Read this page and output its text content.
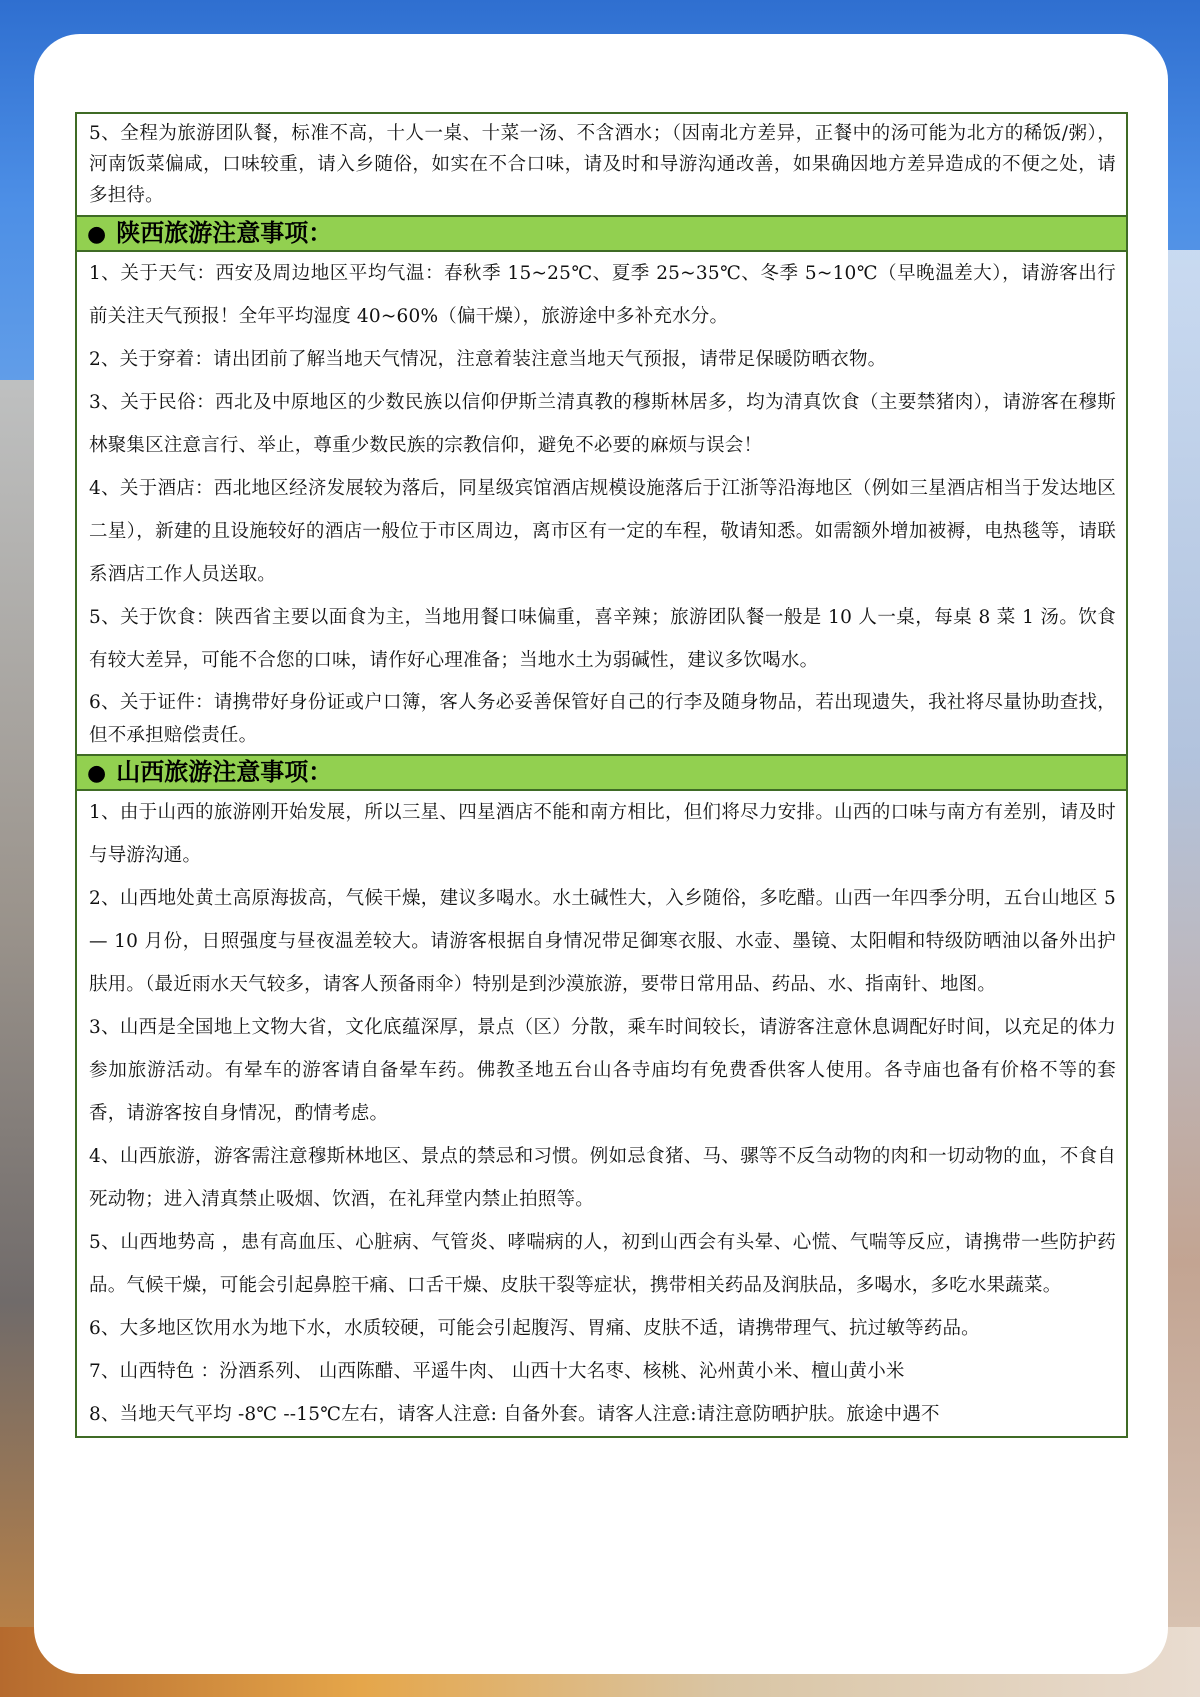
5、全程为旅游团队餐，标准不高，十人一桌、十菜一汤、不含酒水；（因南北方差异，正餐中的汤可能为北方的稀饭/粥），河南饭菜偏咸，口味较重，请入乡随俗，如实在不合口味，请及时和导游沟通改善，如果确因地方差异造成的不便之处，请多担待。
● 陕西旅游注意事项：
1、关于天气：西安及周边地区平均气温：春秋季 15~25℃、夏季 25~35℃、冬季 5~10℃（早晚温差大），请游客出行前关注天气预报！全年平均湿度 40~60%（偏干燥），旅游途中多补充水分。
2、关于穿着：请出团前了解当地天气情况，注意着装注意当地天气预报，请带足保暖防晒衣物。
3、关于民俗：西北及中原地区的少数民族以信仰伊斯兰清真教的穆斯林居多，均为清真饮食（主要禁猪肉），请游客在穆斯林聚集区注意言行、举止，尊重少数民族的宗教信仰，避免不必要的麻烦与误会！
4、关于酒店：西北地区经济发展较为落后，同星级宾馆酒店规模设施落后于江浙等沿海地区（例如三星酒店相当于发达地区二星），新建的且设施较好的酒店一般位于市区周边，离市区有一定的车程，敬请知悉。如需额外增加被褥，电热毯等，请联系酒店工作人员送取。
5、关于饮食：陕西省主要以面食为主，当地用餐口味偏重，喜辛辣；旅游团队餐一般是 10 人一桌，每桌 8 菜 1 汤。饮食有较大差异，可能不合您的口味，请作好心理准备；当地水土为弱碱性，建议多饮喝水。
6、关于证件：请携带好身份证或户口簿，客人务必妥善保管好自己的行李及随身物品，若出现遗失，我社将尽量协助查找，但不承担赔偿责任。
● 山西旅游注意事项：
1、由于山西的旅游刚开始发展，所以三星、四星酒店不能和南方相比，但们将尽力安排。山西的口味与南方有差别，请及时与导游沟通。
2、山西地处黄土高原海拔高，气候干燥，建议多喝水。水土碱性大，入乡随俗，多吃醋。山西一年四季分明，五台山地区 5— 10 月份，日照强度与昼夜温差较大。请游客根据自身情况带足御寒衣服、水壶、墨镜、太阳帽和特级防晒油以备外出护肤用。（最近雨水天气较多，请客人预备雨伞）特别是到沙漠旅游，要带日常用品、药品、水、指南针、地图。
3、山西是全国地上文物大省，文化底蕴深厚，景点（区）分散，乘车时间较长，请游客注意休息调配好时间，以充足的体力参加旅游活动。有晕车的游客请自备晕车药。佛教圣地五台山各寺庙均有免费香供客人使用。各寺庙也备有价格不等的套香，请游客按自身情况，酌情考虑。
4、山西旅游，游客需注意穆斯林地区、景点的禁忌和习惯。例如忌食猪、马、骡等不反刍动物的肉和一切动物的血，不食自死动物；进入清真禁止吸烟、饮酒，在礼拜堂内禁止拍照等。
5、山西地势高 ，患有高血压、心脏病、气管炎、哮喘病的人，初到山西会有头晕、心慌、气喘等反应，请携带一些防护药品。气候干燥，可能会引起鼻腔干痛、口舌干燥、皮肤干裂等症状，携带相关药品及润肤品，多喝水，多吃水果蔬菜。
6、大多地区饮用水为地下水，水质较硬，可能会引起腹泻、胃痛、皮肤不适，请携带理气、抗过敏等药品。
7、山西特色 ：汾酒系列、 山西陈醋、平遥牛肉、 山西十大名枣、核桃、沁州黄小米、檀山黄小米
8、当地天气平均 -8℃ --15℃左右，请客人注意: 自备外套。请客人注意:请注意防晒护肤。旅途中遇不
